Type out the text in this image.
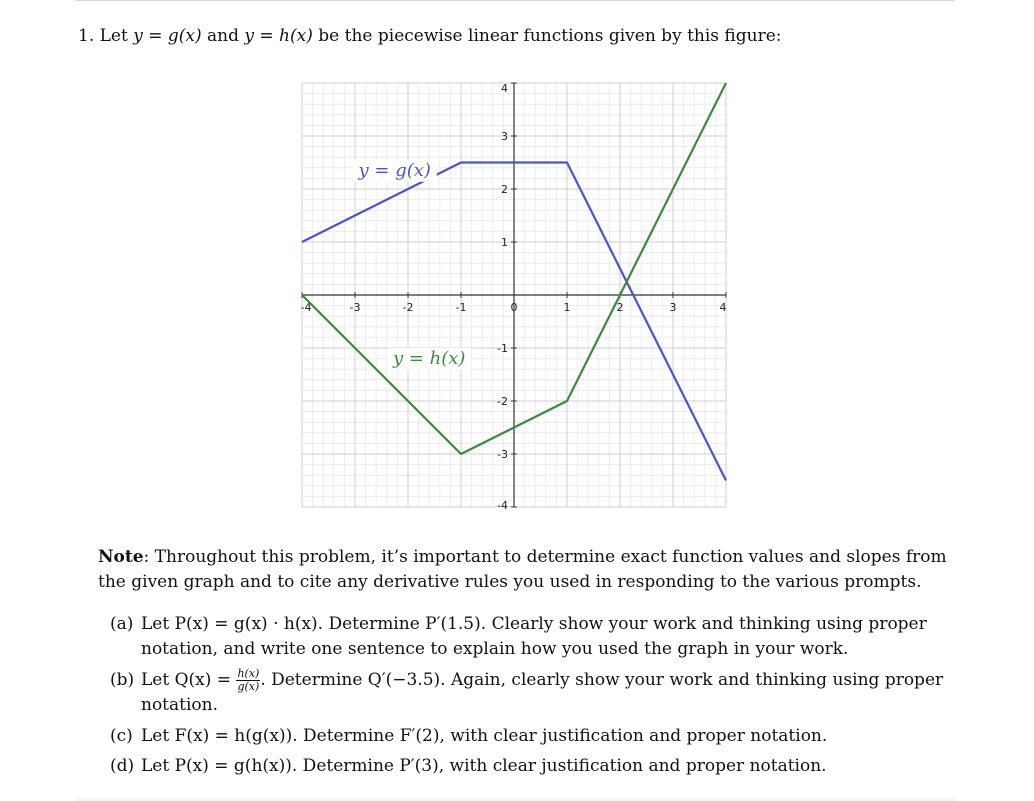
1. Let y = g(x) and y = h(x) be the piecewise linear functions given by this figure:
-4	-3	-2	-1	0	1	2	3	4
-4
-3
-2
-1
1
2
3
4
y = g(x)
y = h(x)
Note: Throughout this problem, it’s important to determine exact function values and slopes from the given graph and to cite any derivative rules you used in responding to the various prompts.
(a) Let P(x) = g(x) · h(x). Determine P′(1.5). Clearly show your work and thinking using proper notation, and write one sentence to explain how you used the graph in your work.
(b) Let $Q(x) = \frac{h(x)}{g(x)}$ . Determine Q′(−3.5). Again, clearly show your work and thinking using proper notation.
(c) Let F(x) = h(g(x)). Determine F′(2), with clear justification and proper notation.
(d) Let P(x) = g(h(x)). Determine P′(3), with clear justification and proper notation.
